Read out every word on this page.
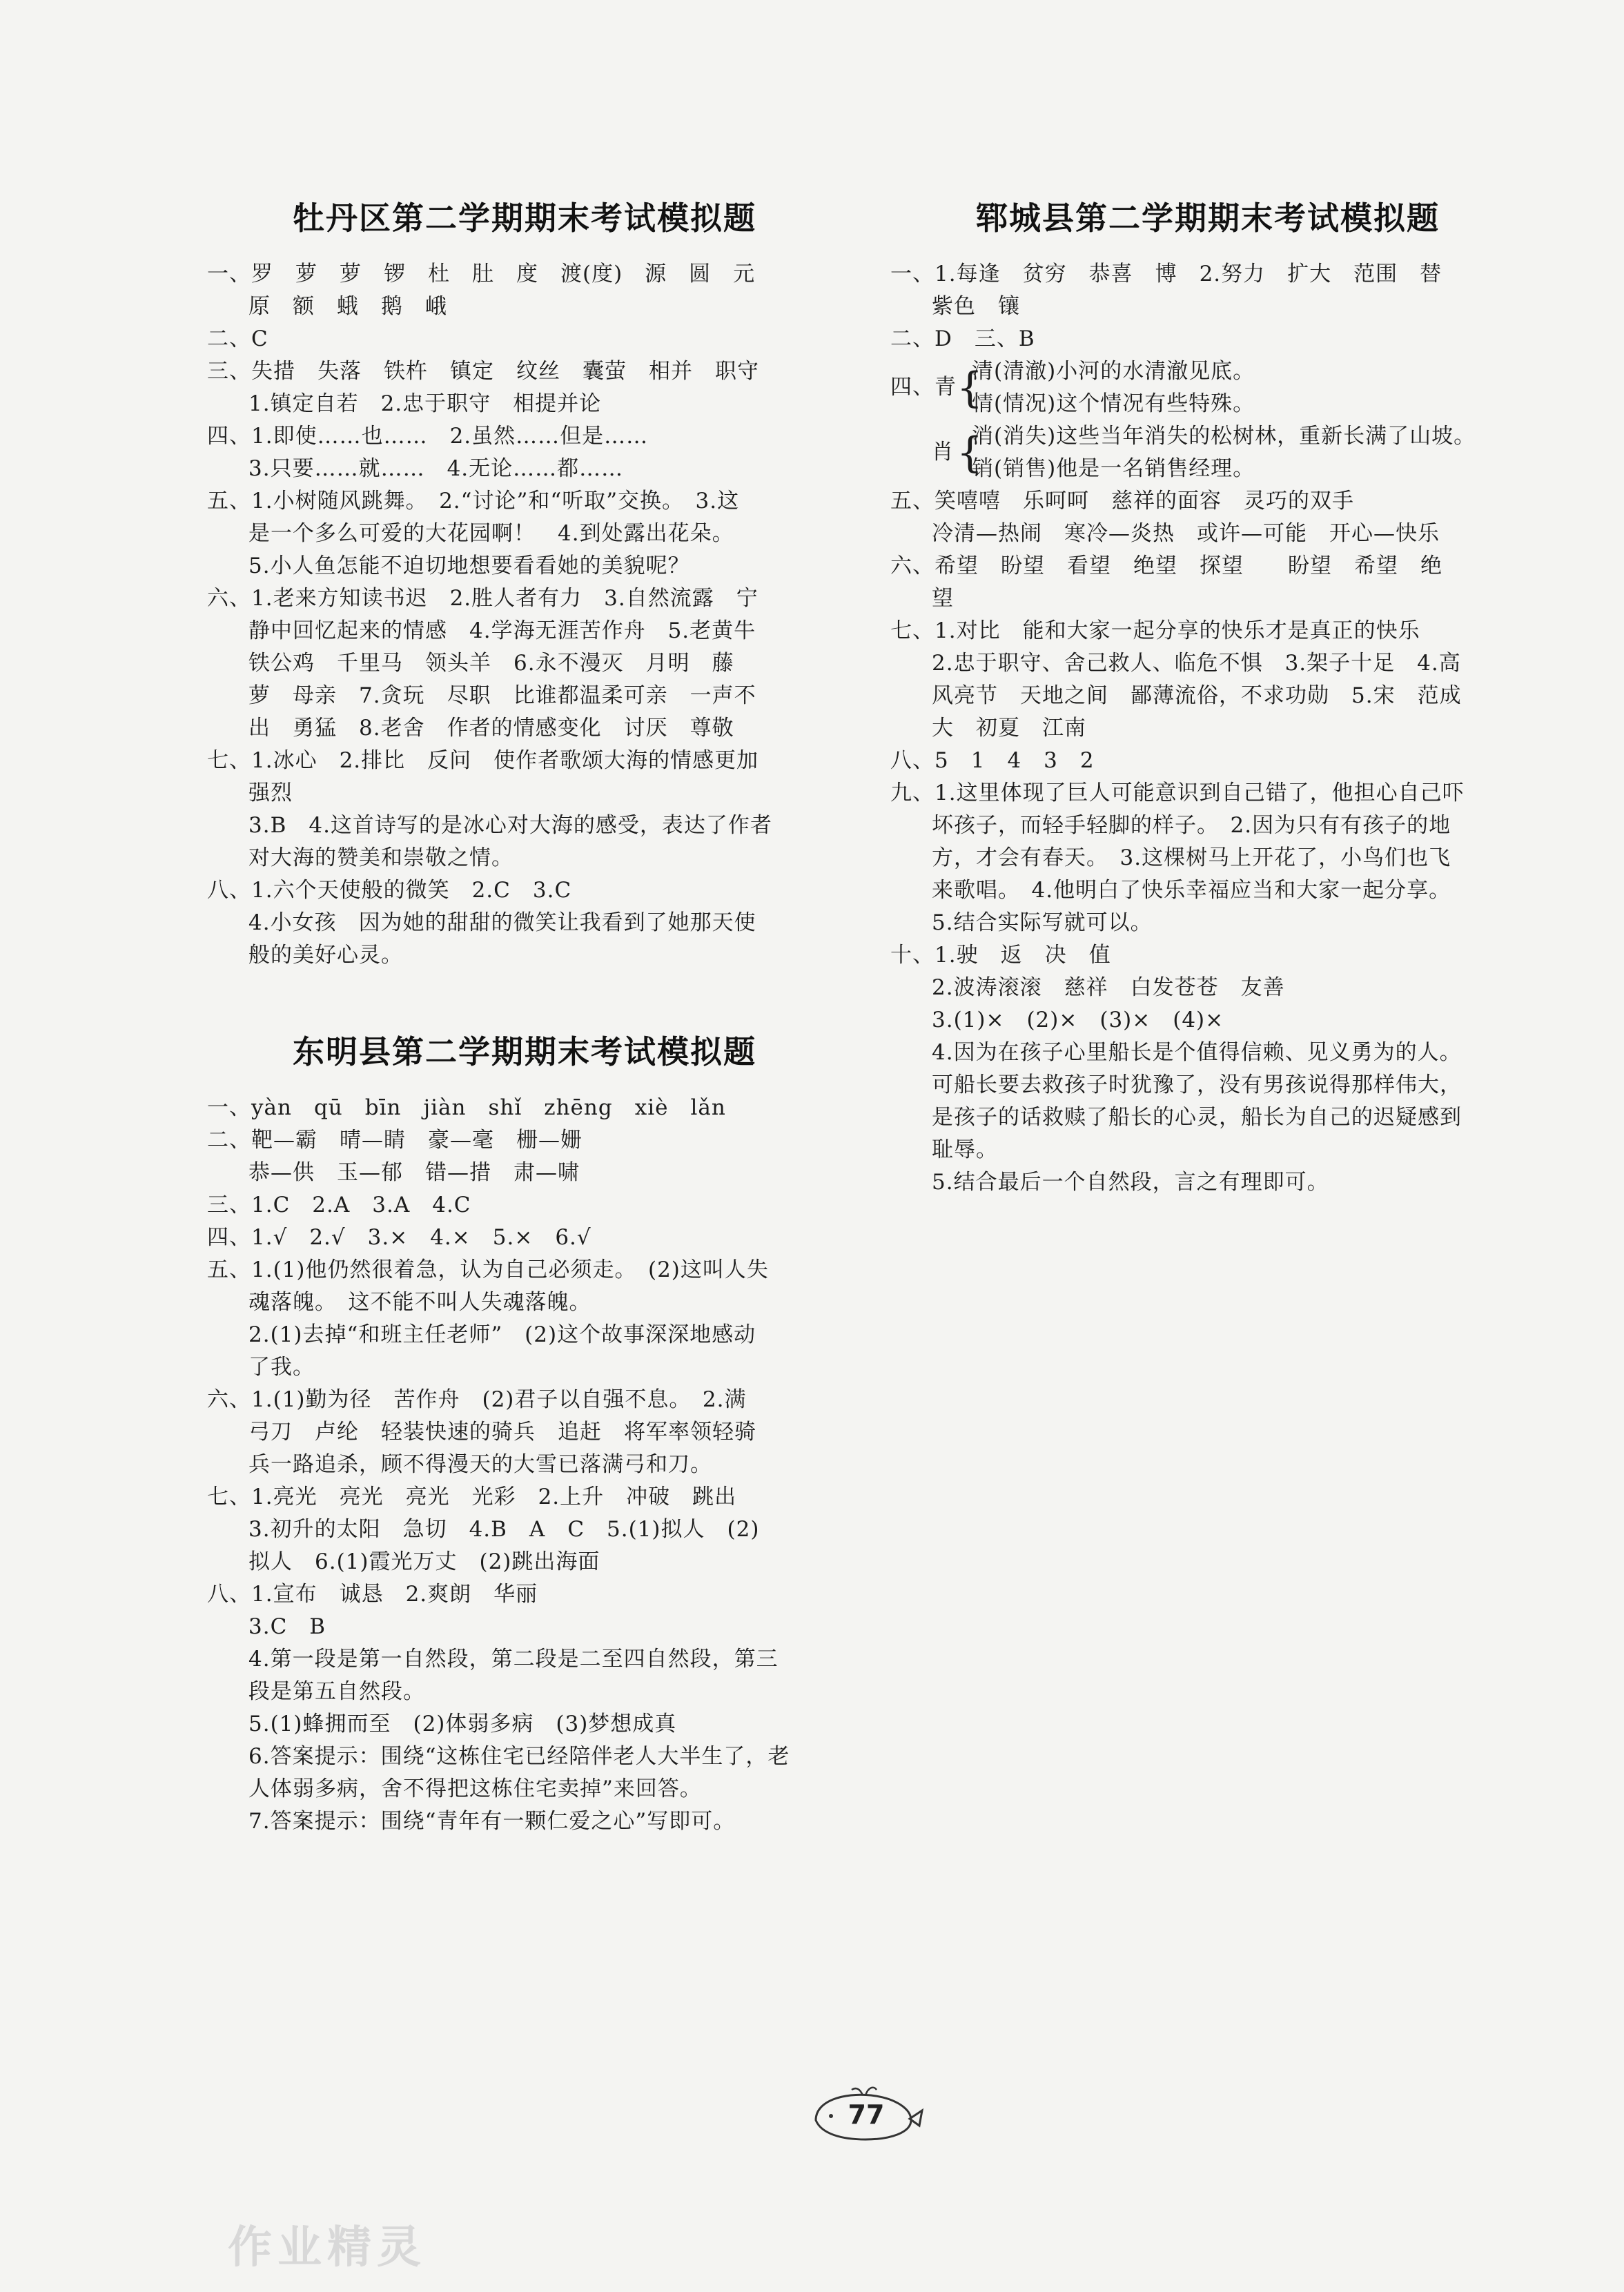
牡丹区第二学期期末考试模拟题
一、罗　萝　萝　锣　杜　肚　度　渡(度)　源　圆　元
原　额　蛾　鹅　峨
二、C
三、失措　失落　铁杵　镇定　纹丝　囊萤　相并　职守
1.镇定自若　2.忠于职守　相提并论
四、1.即使……也……　2.虽然……但是……
3.只要……就……　4.无论……都……
五、1.小树随风跳舞。　2.“讨论”和“听取”交换。　3.这
是一个多么可爱的大花园啊！　4.到处露出花朵。
5.小人鱼怎能不迫切地想要看看她的美貌呢？
六、1.老来方知读书迟　2.胜人者有力　3.自然流露　宁
静中回忆起来的情感　4.学海无涯苦作舟　5.老黄牛
铁公鸡　千里马　领头羊　6.永不漫灭　月明　藤
萝　母亲　7.贪玩　尽职　比谁都温柔可亲　一声不
出　勇猛　8.老舍　作者的情感变化　讨厌　尊敬
七、1.冰心　2.排比　反问　使作者歌颂大海的情感更加
强烈
3.B　4.这首诗写的是冰心对大海的感受，表达了作者
对大海的赞美和崇敬之情。
八、1.六个天使般的微笑　2.C　3.C
4.小女孩　因为她的甜甜的微笑让我看到了她那天使
般的美好心灵。
东明县第二学期期末考试模拟题
一、yàn　qū　bīn　jiàn　shǐ　zhēng　xiè　lǎn
二、靶—霸　晴—睛　豪—毫　栅—姗
恭—供　玉—郁　错—措　肃—啸
三、1.C　2.A　3.A　4.C
四、1.√　2.√　3.×　4.×　5.×　6.√
五、1.(1)他仍然很着急，认为自己必须走。　(2)这叫人失
魂落魄。　这不能不叫人失魂落魄。
2.(1)去掉“和班主任老师”　(2)这个故事深深地感动
了我。
六、1.(1)勤为径　苦作舟　(2)君子以自强不息。　2.满
弓刀　卢纶　轻装快速的骑兵　追赶　将军率领轻骑
兵一路追杀，顾不得漫天的大雪已落满弓和刀。
七、1.亮光　亮光　亮光　光彩　2.上升　冲破　跳出
3.初升的太阳　急切　4.B　A　C　5.(1)拟人　(2)
拟人　6.(1)霞光万丈　(2)跳出海面
八、1.宣布　诚恳　2.爽朗　华丽
3.C　B
4.第一段是第一自然段，第二段是二至四自然段，第三
段是第五自然段。
5.(1)蜂拥而至　(2)体弱多病　(3)梦想成真
6.答案提示：围绕“这栋住宅已经陪伴老人大半生了，老
人体弱多病，舍不得把这栋住宅卖掉”来回答。
7.答案提示：围绕“青年有一颗仁爱之心”写即可。
郓城县第二学期期末考试模拟题
一、1.每逢　贫穷　恭喜　博　2.努力　扩大　范围　替
紫色　镶
二、D　三、B
四、青{
清(清澈)小河的水清澈见底。
情(情况)这个情况有些特殊。
肖{
消(消失)这些当年消失的松树林，重新长满了山坡。
销(销售)他是一名销售经理。
五、笑嘻嘻　乐呵呵　慈祥的面容　灵巧的双手
冷清—热闹　寒冷—炎热　或许—可能　开心—快乐
六、希望　盼望　看望　绝望　探望　　盼望　希望　绝
望
七、1.对比　能和大家一起分享的快乐才是真正的快乐
2.忠于职守、舍己救人、临危不惧　3.架子十足　4.高
风亮节　天地之间　鄙薄流俗，不求功勋　5.宋　范成
大　初夏　江南
八、5　1　4　3　2
九、1.这里体现了巨人可能意识到自己错了，他担心自己吓
坏孩子，而轻手轻脚的样子。　2.因为只有有孩子的地
方，才会有春天。　3.这棵树马上开花了，小鸟们也飞
来歌唱。　4.他明白了快乐幸福应当和大家一起分享。
5.结合实际写就可以。
十、1.驶　返　决　值
2.波涛滚滚　慈祥　白发苍苍　友善
3.(1)×　(2)×　(3)×　(4)×
4.因为在孩子心里船长是个值得信赖、见义勇为的人。
可船长要去救孩子时犹豫了，没有男孩说得那样伟大，
是孩子的话救赎了船长的心灵，船长为自己的迟疑感到
耻辱。
5.结合最后一个自然段，言之有理即可。
77
作业精灵
